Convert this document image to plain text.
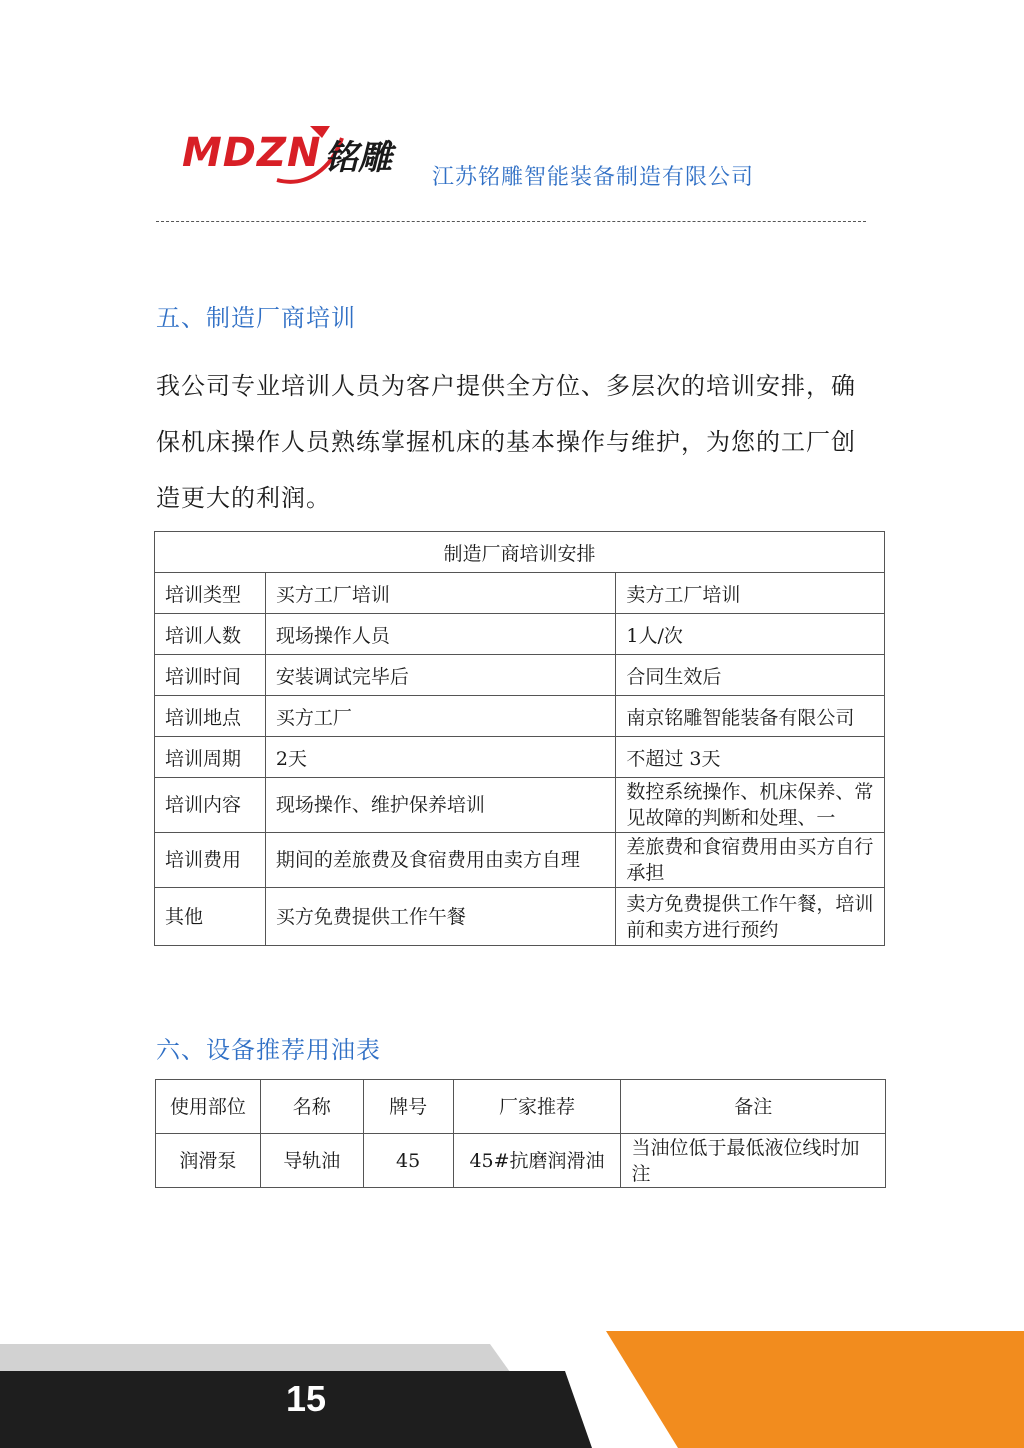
MDZN 铭雕 江苏铭雕智能装备制造有限公司
五、制造厂商培训
我公司专业培训人员为客户提供全方位、多层次的培训安排，确保机床操作人员熟练掌握机床的基本操作与维护，为您的工厂创造更大的利润。
制造厂商培训安排		
培训类型	买方工厂培训	卖方工厂培训
培训人数	现场操作人员	1人/次
培训时间	安装调试完毕后	合同生效后
培训地点	买方工厂	南京铭雕智能装备有限公司
培训周期	2天	不超过 3天
培训内容	现场操作、维护保养培训	数控系统操作、机床保养、常见故障的判断和处理、一
培训费用	期间的差旅费及食宿费用由卖方自理	差旅费和食宿费用由买方自行承担
其他	买方免费提供工作午餐	卖方免费提供工作午餐，培训前和卖方进行预约
六、设备推荐用油表
使用部位	名称	牌号	厂家推荐	备注
润滑泵	导轨油	45	45#抗磨润滑油	当油位低于最低液位线时加注
15
